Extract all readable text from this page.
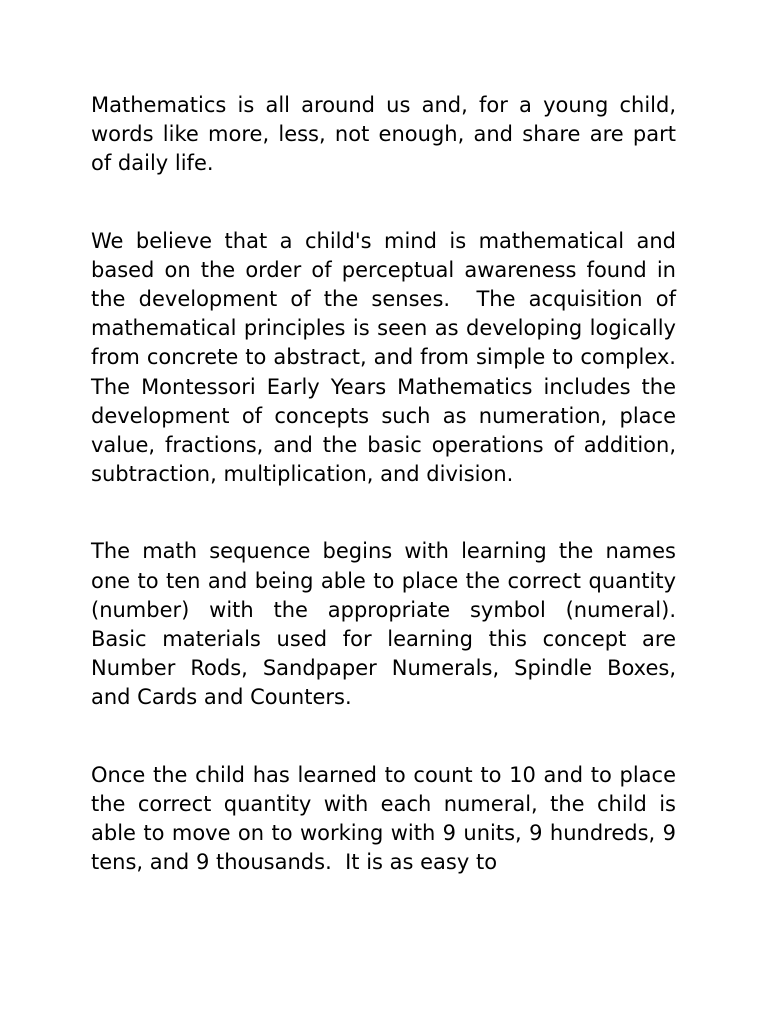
Mathematics is all around us and, for a young child, words like more, less, not enough, and share are part of daily life.

We believe that a child's mind is mathematical and based on the order of perceptual awareness found in the development of the senses.  The acquisition of mathematical principles is seen as developing logically from concrete to abstract, and from simple to complex.  The Montessori Early Years Mathematics includes the development of concepts such as numeration, place value, fractions, and the basic operations of addition, subtraction, multiplication, and division.

The math sequence begins with learning the names one to ten and being able to place the correct quantity (number) with the appropriate symbol (numeral).  Basic materials used for learning this concept are Number Rods, Sandpaper Numerals, Spindle Boxes, and Cards and Counters.

Once the child has learned to count to 10 and to place the correct quantity with each numeral, the child is able to move on to working with 9 units, 9 hundreds, 9 tens, and 9 thousands.  It is as easy to
